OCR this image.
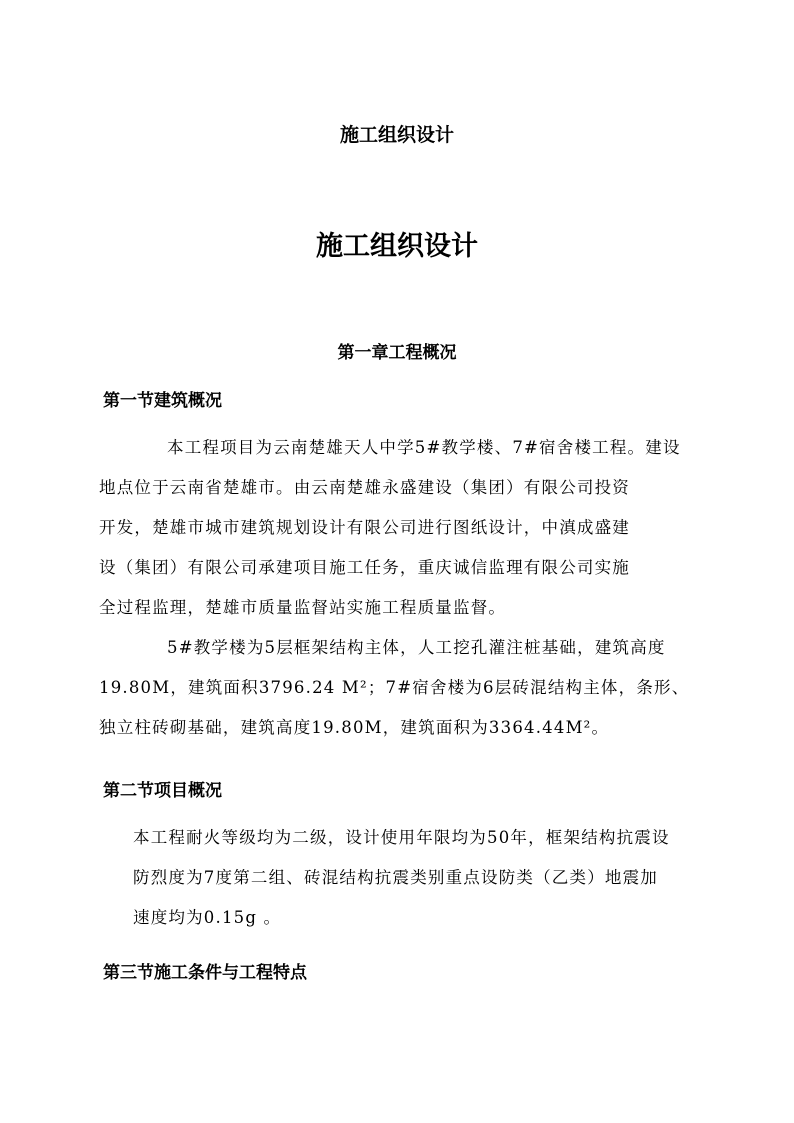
施工组织设计
施工组织设计
第一章工程概况
第一节建筑概况
本工程项目为云南楚雄天人中学5#教学楼、7#宿舍楼工程。建设
地点位于云南省楚雄市。由云南楚雄永盛建设（集团）有限公司投资
开发，楚雄市城市建筑规划设计有限公司进行图纸设计，中滇成盛建
设（集团）有限公司承建项目施工任务，重庆诚信监理有限公司实施
全过程监理，楚雄市质量监督站实施工程质量监督。
5#教学楼为5层框架结构主体，人工挖孔灌注桩基础，建筑高度
19.80M，建筑面积3796.24 M²；7#宿舍楼为6层砖混结构主体，条形、
独立柱砖砌基础，建筑高度19.80M，建筑面积为3364.44M²。
第二节项目概况
本工程耐火等级均为二级，设计使用年限均为50年，框架结构抗震设
防烈度为7度第二组、砖混结构抗震类别重点设防类（乙类）地震加
速度均为0.15g 。
第三节施工条件与工程特点
